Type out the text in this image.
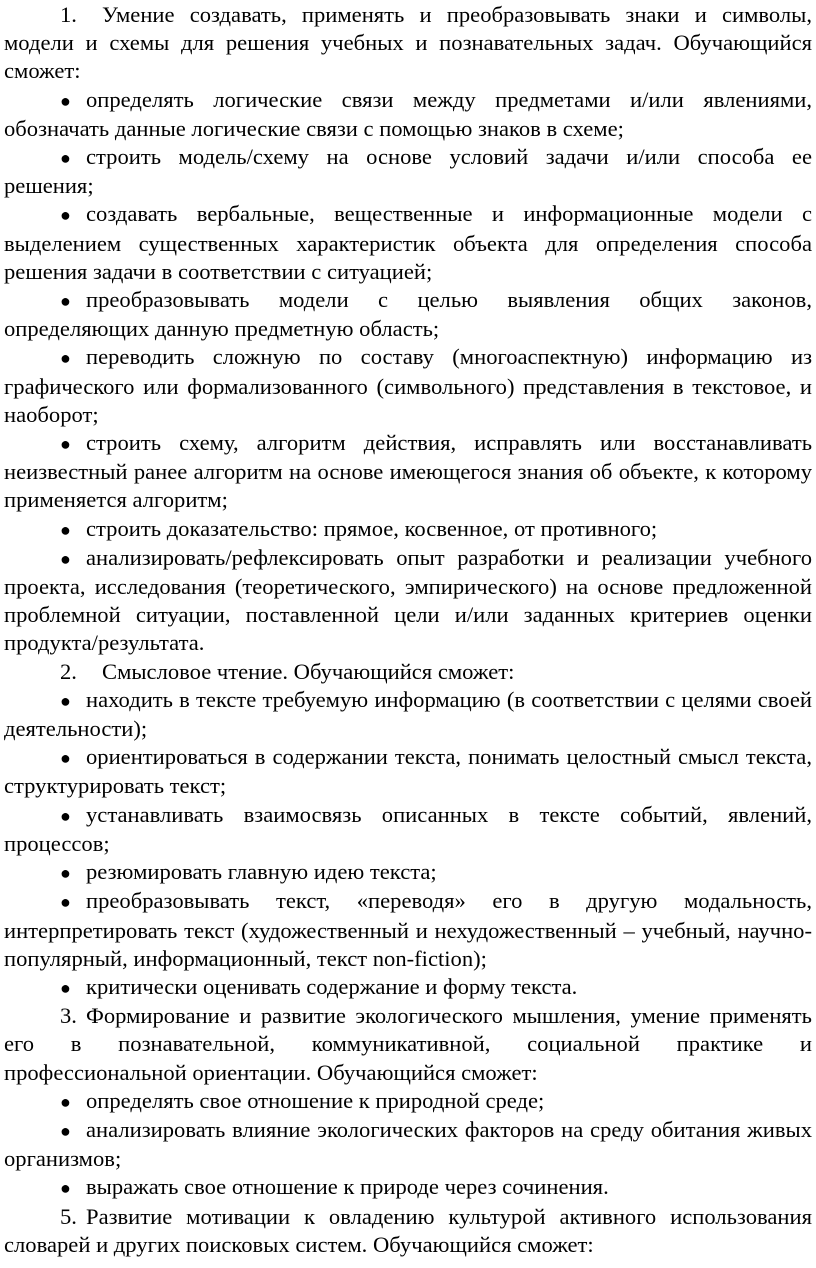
1. Умение создавать, применять и преобразовывать знаки и символы, модели и схемы для решения учебных и познавательных задач. Обучающийся сможет:

● определять логические связи между предметами и/или явлениями, обозначать данные логические связи с помощью знаков в схеме;

● строить модель/схему на основе условий задачи и/или способа ее решения;

● создавать вербальные, вещественные и информационные модели с выделением существенных характеристик объекта для определения способа решения задачи в соответствии с ситуацией;

● преобразовывать модели с целью выявления общих законов, определяющих данную предметную область;

● переводить сложную по составу (многоаспектную) информацию из графического или формализованного (символьного) представления в текстовое, и наоборот;

● строить схему, алгоритм действия, исправлять или восстанавливать неизвестный ранее алгоритм на основе имеющегося знания об объекте, к которому применяется алгоритм;

● строить доказательство: прямое, косвенное, от противного;

● анализировать/рефлексировать опыт разработки и реализации учебного проекта, исследования (теоретического, эмпирического) на основе предложенной проблемной ситуации, поставленной цели и/или заданных критериев оценки продукта/результата.

2. Смысловое чтение. Обучающийся сможет:

● находить в тексте требуемую информацию (в соответствии с целями своей деятельности);

● ориентироваться в содержании текста, понимать целостный смысл текста, структурировать текст;

● устанавливать взаимосвязь описанных в тексте событий, явлений, процессов;

● резюмировать главную идею текста;

● преобразовывать текст, «переводя» его в другую модальность, интерпретировать текст (художественный и нехудожественный – учебный, научно-популярный, информационный, текст non-fiction);

● критически оценивать содержание и форму текста.

3. Формирование и развитие экологического мышления, умение применять его в познавательной, коммуникативной, социальной практике и профессиональной ориентации. Обучающийся сможет:

● определять свое отношение к природной среде;

● анализировать влияние экологических факторов на среду обитания живых организмов;

● выражать свое отношение к природе через сочинения.

5. Развитие мотивации к овладению культурой активного использования словарей и других поисковых систем. Обучающийся сможет:
